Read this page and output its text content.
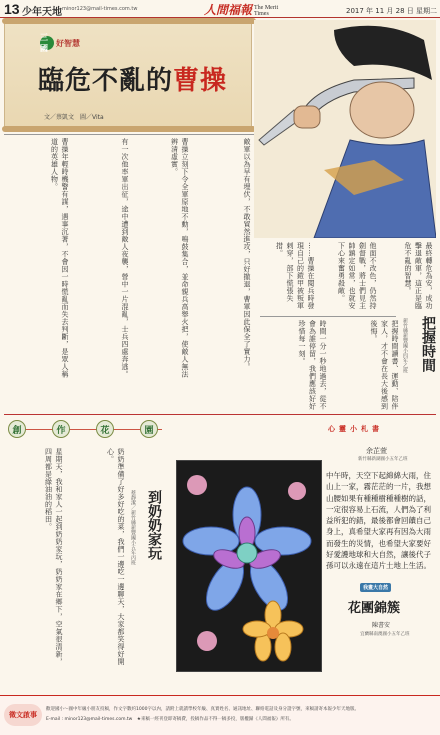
13 少年天地 minor123@mail-times.com.tw	人間福報 The Merit Times	2017 年 11 月 28 日 星期二
三國
好智慧
臨危不亂的曹操
文／蔡凱文　圖／Vita
……曹操在閱兵時發現自己的鎧甲被叛軍刺穿，部下慌張失措。	他面不改色，仍然持劍督戰，將士們見主帥鎮定如常，也就安下心來奮勇殺敵。	最終轉危為安，成功擊退敵軍，這正是臨危不亂的智慧。
曹操年輕時機警有謀，遇事沉著，不會因一時慌亂而失去判斷，是眾人稱道的英雄人物。	有一次他率軍出征，途中遭到敵人夜襲，營中一片混亂，士兵四處奔逃。	曹操立刻下令全軍原地不動，鳴鼓集合，並命親兵高舉火把，使敵人無法辨清虛實。	敵軍以為早有埋伏，不敢貿然進攻，只好撤退，曹軍因此保全了實力。	時間一分一秒地過去，從不會為誰停留，我們應該好好珍惜每一刻。	把握時間讀書、運動、陪伴家人，才不會在長大後感到後悔。	把握時間
新竹縣新豐國小四年乙班
創	作	花	園
到奶奶家玩
蔡靜潔／新竹縣新豐國小五年丙班
星期天，我和家人一起到奶奶家玩，奶奶家在鄉下，空氣很清新，四周都是綠油油的稻田。	奶奶準備了好多好吃的菜，我們一邊吃一邊聊天，大家都笑得好開心。
心 靈 小 札 書
余芷萱
新竹縣新湖國小五年乙班
中午時，天空下起綿綿大雨，住山上一家，霧茫茫的一片，我想山腰如果有種種樹種種樹的話，一定很容易上石流，人們為了利益所犯的錯，最後都會回饋自己身上，真希望大家再有因為大雨而發生的災情，也希望大家要好好愛護地球和大自然，讓後代子孫可以永遠在這片土地上生活。
我畫大自然
花團錦簇
陳書安
宜蘭縣南澳國小五年乙班
徵文啟事
歡迎國小～國中年級小朋友投稿，作文字數約1000字以內，請附上就讀學校年級、真實姓名、通訊地址、聯絡電話及身分證字號，來稿請寄本報少年天地版。
E-mail : minor123@mail-times.com.tw　★來稿一經刊登即寄稿費，投稿作品不得一稿多投，版權歸《人間福報》所有。
